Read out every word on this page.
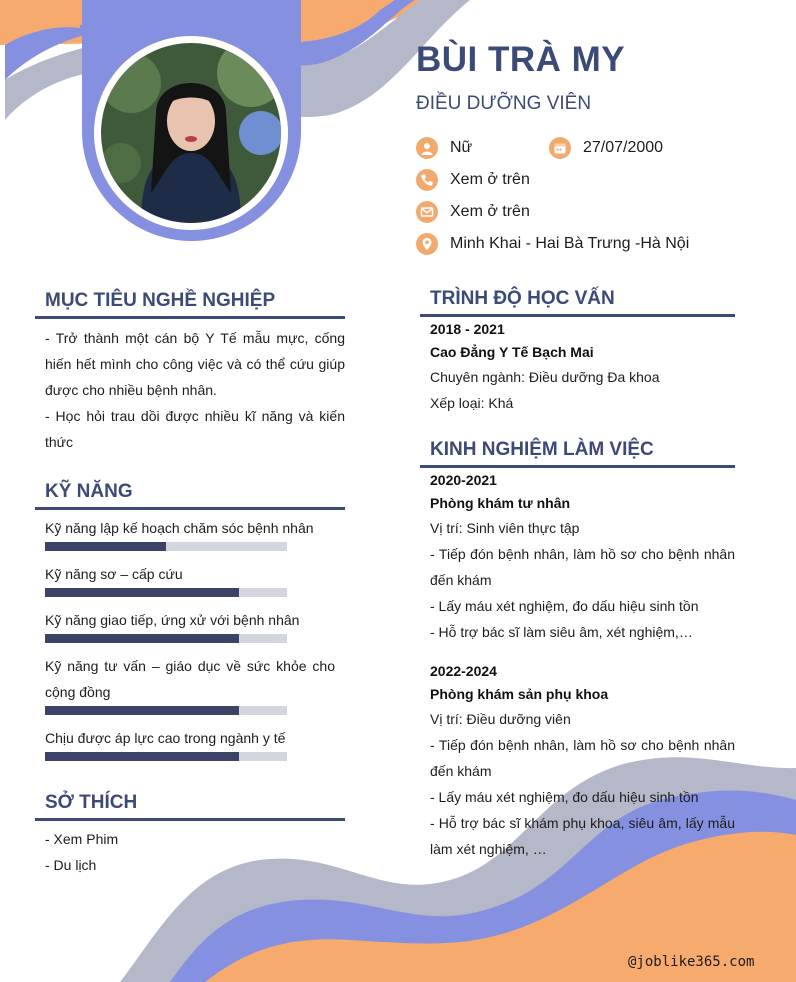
BÙI TRÀ MY
ĐIỀU DƯỠNG VIÊN
Nữ	27/07/2000
Xem ở trên
Xem ở trên
Minh Khai - Hai Bà Trưng -Hà Nội
MỤC TIÊU NGHỀ NGHIỆP
- Trở thành một cán bộ Y Tế mẫu mực, cống hiến hết mình cho công việc và có thể cứu giúp được cho nhiều bệnh nhân.
- Học hỏi trau dồi được nhiều kĩ năng và kiến thức
KỸ NĂNG
Kỹ năng lập kế hoạch chăm sóc bệnh nhân
Kỹ năng sơ – cấp cứu
Kỹ năng giao tiếp, ứng xử với bệnh nhân
Kỹ năng tư vấn – giáo dục về sức khỏe cho cộng đồng
Chịu được áp lực cao trong ngành y tế
SỞ THÍCH
- Xem Phim
- Du lịch
TRÌNH ĐỘ HỌC VẤN
2018 - 2021
Cao Đẳng Y Tế Bạch Mai
Chuyên ngành: Điều dưỡng Đa khoa
Xếp loại: Khá
KINH NGHIỆM LÀM VIỆC
2020-2021
Phòng khám tư nhân
Vị trí: Sinh viên thực tập
- Tiếp đón bệnh nhân, làm hồ sơ cho bệnh nhân đến khám
- Lấy máu xét nghiệm, đo dấu hiệu sinh tồn
- Hỗ trợ bác sĩ làm siêu âm, xét nghiệm,…
2022-2024
Phòng khám sản phụ khoa
Vị trí: Điều dưỡng viên
- Tiếp đón bệnh nhân, làm hồ sơ cho bệnh nhân đến khám
- Lấy máu xét nghiệm, đo dấu hiệu sinh tồn
- Hỗ trợ bác sĩ khám phụ khoa, siêu âm, lấy mẫu làm xét nghiệm, …
@joblike365.com
